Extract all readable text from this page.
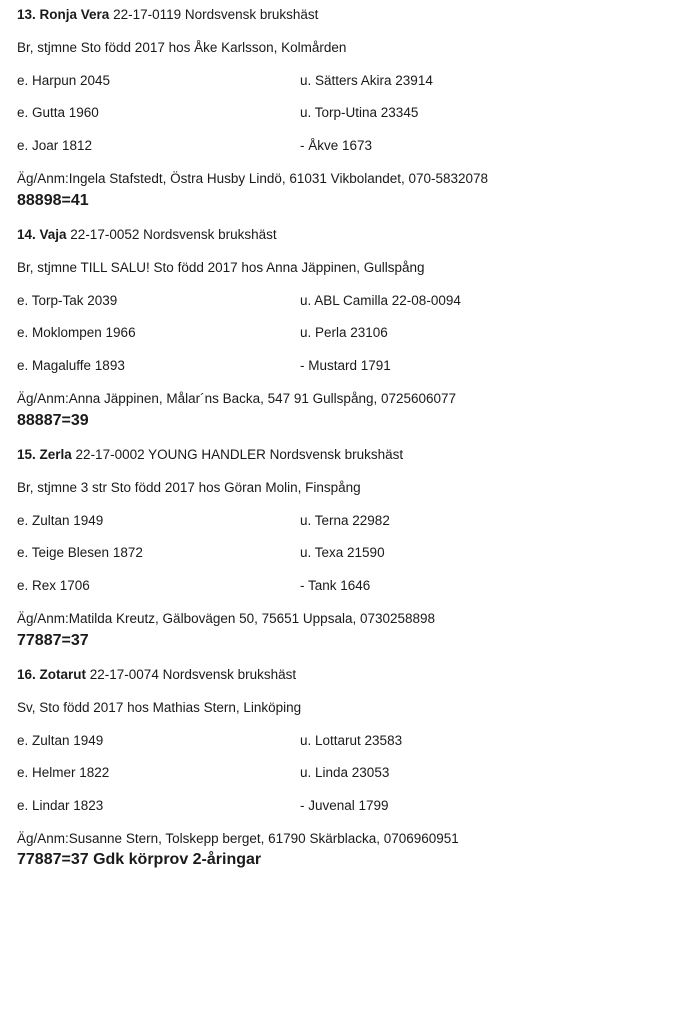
13. Ronja Vera 22-17-0119 Nordsvensk brukshäst
Br, stjmne Sto född 2017 hos Åke Karlsson, Kolmården
e. Harpun 2045	u. Sätters Akira 23914
e. Gutta 1960	u. Torp-Utina 23345
e. Joar 1812	- Åkve 1673
Äg/Anm:Ingela Stafstedt, Östra Husby Lindö, 61031 Vikbolandet, 070-5832078
88898=41
14. Vaja 22-17-0052 Nordsvensk brukshäst
Br, stjmne TILL SALU! Sto född 2017 hos Anna Jäppinen, Gullspång
e. Torp-Tak 2039	u. ABL Camilla 22-08-0094
e. Moklompen 1966	u. Perla 23106
e. Magaluffe 1893	- Mustard 1791
Äg/Anm:Anna Jäppinen, Målar´ns Backa, 547 91 Gullspång, 0725606077
88887=39
15. Zerla 22-17-0002 YOUNG HANDLER Nordsvensk brukshäst
Br, stjmne 3 str Sto född 2017 hos Göran Molin, Finspång
e. Zultan 1949	u. Terna 22982
e. Teige Blesen 1872	u. Texa 21590
e. Rex 1706	- Tank 1646
Äg/Anm:Matilda Kreutz, Gälbovägen 50, 75651 Uppsala, 0730258898
77887=37
16. Zotarut 22-17-0074 Nordsvensk brukshäst
Sv, Sto född 2017 hos Mathias Stern, Linköping
e. Zultan 1949	u. Lottarut 23583
e. Helmer 1822	u. Linda 23053
e. Lindar 1823	- Juvenal 1799
Äg/Anm:Susanne Stern, Tolskepp berget, 61790 Skärblacka, 0706960951
77887=37 Gdk körprov 2-åringar
